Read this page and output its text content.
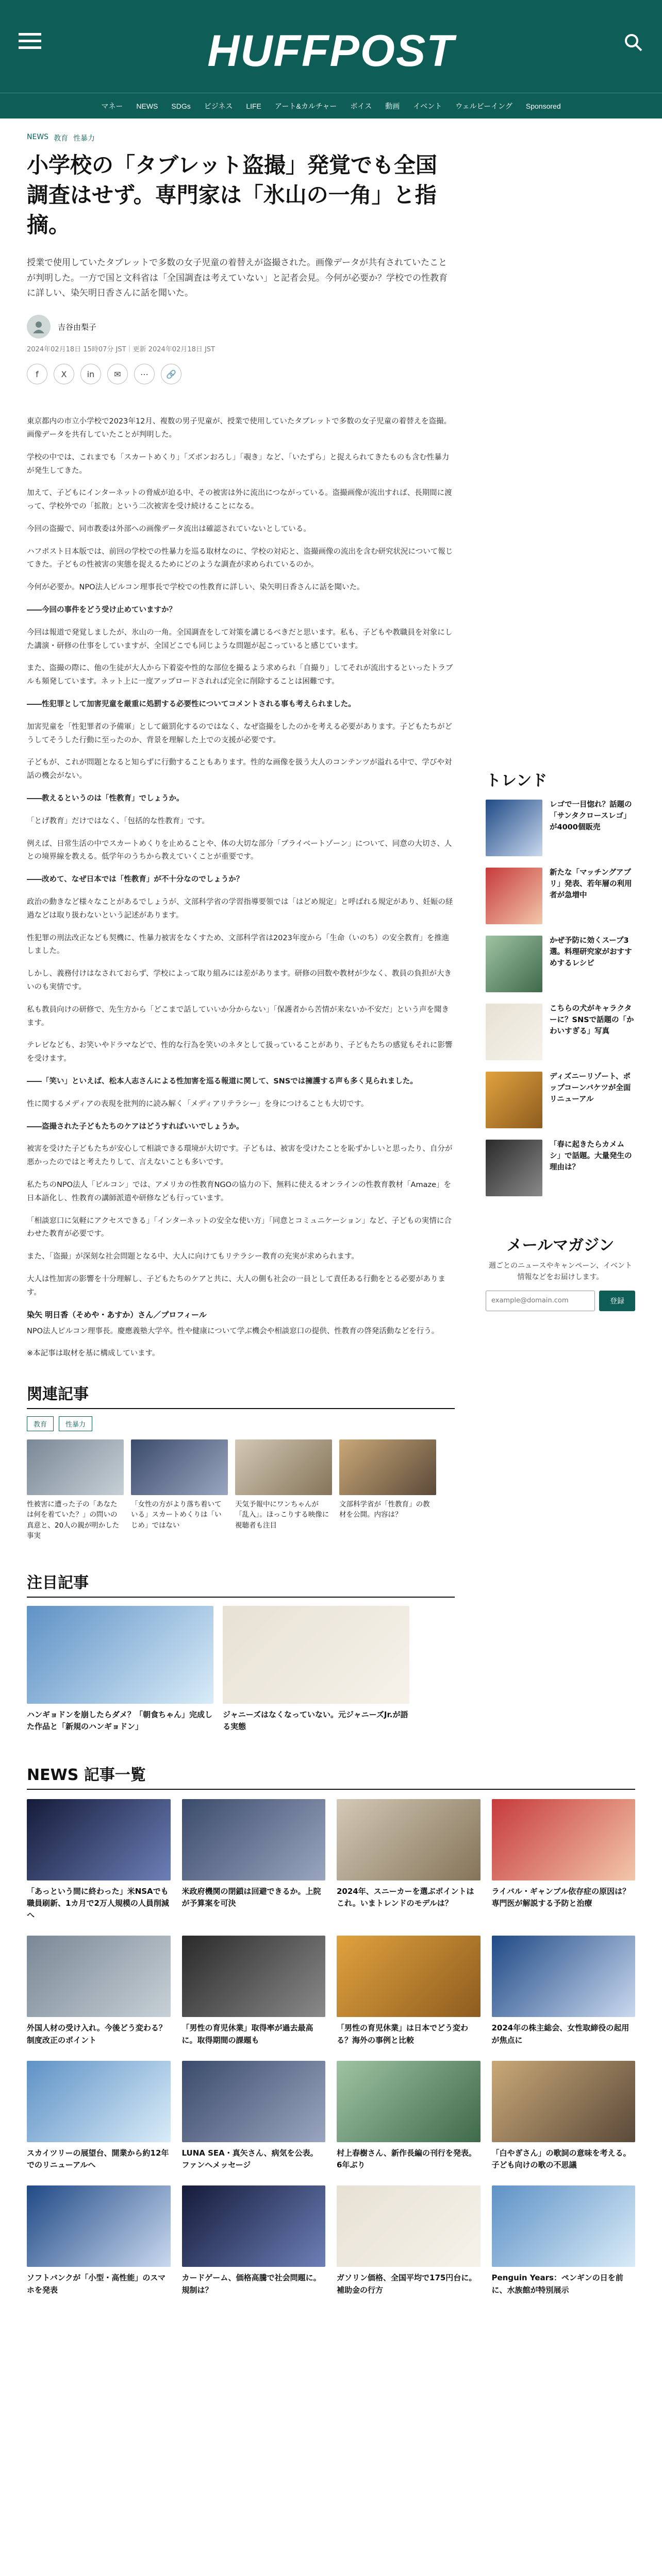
HUFFPOST
マネー NEWS SDGs ビジネス LIFE アート&カルチャー ボイス 動画 イベント ウェルビーイング Sponsored
NEWS 教育 性暴力
小学校の「タブレット盗撮」発覚でも全国調査はせず。専門家は「氷山の一角」と指摘。

授業で使用していたタブレットで多数の女子児童の着替えが盗撮された。画像データが共有されていたことが判明した。一方で国と文科省は「全国調査は考えていない」と記者会見。今何が必要か？学校での性教育に詳しい、染矢明日香さんに話を聞いた。

吉谷由梨子
2024年02月18日 15時07分 JST｜更新 2024年02月18日 JST
f	X	in	✉	⋯	🔗

東京都内の市立小学校で2023年12月、複数の男子児童が、授業で使用していたタブレットで多数の女子児童の着替えを盗撮。画像データを共有していたことが判明した。

学校の中では、これまでも「スカートめくり」「ズボンおろし」「覗き」など、「いたずら」と捉えられてきたものも含む性暴力が発生してきた。

加えて、子どもにインターネットの脅威が迫る中、その被害は外に流出につながっている。盗撮画像が流出すれば、長期間に渡って、学校外での「拡散」という二次被害を受け続けることになる。

今回の盗撮で、同市教委は外部への画像データ流出は確認されていないとしている。

ハフポスト日本版では、前回の学校での性暴力を巡る取材なのに、学校の対応と、盗撮画像の流出を含む研究状況について報じてきた。子どもの性被害の実態を捉えるためにどのような調査が求められているのか。

今何が必要か。NPO法人ピルコン理事長で学校での性教育に詳しい、染矢明日香さんに話を聞いた。

――今回の事件をどう受け止めていますか？

今回は報道で発覚しましたが、氷山の一角。全国調査をして対策を講じるべきだと思います。私も、子どもや教職員を対象にした講演・研修の仕事をしていますが、全国どこでも同じような問題が起こっていると感じています。

また、盗撮の際に、他の生徒が大人から下着姿や性的な部位を撮るよう求められ「自撮り」してそれが流出するといったトラブルも頻発しています。ネット上に一度アップロードされれば完全に削除することは困難です。

――性犯罪として加害児童を厳重に処罰する必要性についてコメントされる事も考えられました。

加害児童を「性犯罪者の予備軍」として厳罰化するのではなく、なぜ盗撮をしたのかを考える必要があります。子どもたちがどうしてそうした行動に至ったのか、背景を理解した上での支援が必要です。

子どもが、これが問題となると知らずに行動することもあります。性的な画像を扱う大人のコンテンツが溢れる中で、学びや対話の機会がない。

――教えるというのは「性教育」でしょうか。

「とげ教育」だけではなく、「包括的な性教育」です。

例えば、日常生活の中でスカートめくりを止めることや、体の大切な部分「プライベートゾーン」について、同意の大切さ、人との境界線を教える。低学年のうちから教えていくことが重要です。

――改めて、なぜ日本では「性教育」が不十分なのでしょうか？

政治の動きなど様々なことがあるでしょうが、文部科学省の学習指導要領では「はどめ規定」と呼ばれる規定があり、妊娠の経過などは取り扱わないという記述があります。

性犯罪の刑法改正なども契機に、性暴力被害をなくすため、文部科学省は2023年度から「生命（いのち）の安全教育」を推進しました。

しかし、義務付けはなされておらず、学校によって取り組みには差があります。研修の回数や教材が少なく、教員の負担が大きいのも実情です。

私も教員向けの研修で、先生方から「どこまで話していいか分からない」「保護者から苦情が来ないか不安だ」という声を聞きます。

テレビなども、お笑いやドラマなどで、性的な行為を笑いのネタとして扱っていることがあり、子どもたちの感覚もそれに影響を受けます。

――「笑い」といえば、松本人志さんによる性加害を巡る報道に関して、SNSでは擁護する声も多く見られました。

性に関するメディアの表現を批判的に読み解く「メディアリテラシー」を身につけることも大切です。

――盗撮された子どもたちのケアはどうすればいいでしょうか。

被害を受けた子どもたちが安心して相談できる環境が大切です。子どもは、被害を受けたことを恥ずかしいと思ったり、自分が悪かったのではと考えたりして、言えないことも多いです。

私たちのNPO法人「ピルコン」では、アメリカの性教育NGOの協力の下、無料に使えるオンラインの性教育教材「Amaze」を日本語化し、性教育の講師派遣や研修なども行っています。

「相談窓口に気軽にアクセスできる」「インターネットの安全な使い方」「同意とコミュニケーション」など、子どもの実情に合わせた教育が必要です。

また、「盗撮」が深刻な社会問題となる中、大人に向けてもリテラシー教育の充実が求められます。

大人は性加害の影響を十分理解し、子どもたちのケアと共に、大人の側も社会の一員として責任ある行動をとる必要があります。

染矢 明日香（そめや・あすか）さん／プロフィール

NPO法人ピルコン理事長。慶應義塾大学卒。性や健康について学ぶ機会や相談窓口の提供、性教育の啓発活動などを行う。

※本記事は取材を基に構成しています。

関連記事
教育	性暴力
性被害に遭った子の「あなたは何を着ていた？」の問いの真意と、20人の親が明かした事実
「女性の方がより落ち着いている」スカートめくりは「いじめ」ではない
天気予報中にワンちゃんが「乱入」。ほっこりする映像に視聴者も注目
文部科学省が「性教育」の教材を公開。内容は？
注目記事
ハンギョドンを崩したらダメ？「朝食ちゃん」完成した作品と「新規のハンギョドン」
ジャニーズはなくなっていない。元ジャニーズJr.が語る実態
トレンド
レゴで一目惚れ？話題の「サンタクロースレゴ」が4000個販売
新たな「マッチングアプリ」発表、若年層の利用者が急増中
かぜ予防に効くスープ3選。料理研究家がおすすめするレシピ
こちらの犬がキャラクターに？SNSで話題の「かわいすぎる」写真
ディズニーリゾート、ポップコーンバケツが全面リニューアル
「春に起きたらカメムシ」で話題。大量発生の理由は？
メールマガジン

週ごとのニュースやキャンペーン、イベント情報などをお届けします。

example@domain.com
登録
NEWS 記事一覧
「あっという間に終わった」米NSAでも職員刷新、1カ月で2万人規模の人員削減へ
米政府機関の閉鎖は回避できるか。上院が予算案を可決
2024年、スニーカーを選ぶポイントはこれ。いまトレンドのモデルは？
ライバル・ギャンブル依存症の原因は？専門医が解説する予防と治療
外国人材の受け入れ。今後どう変わる？制度改正のポイント
「男性の育児休業」取得率が過去最高に。取得期間の課題も
「男性の育児休業」は日本でどう変わる？海外の事例と比較
2024年の株主総会、女性取締役の起用が焦点に
スカイツリーの展望台、開業から約12年でのリニューアルへ
LUNA SEA・真矢さん、病気を公表。ファンへメッセージ
村上春樹さん、新作長編の刊行を発表。6年ぶり
「白やぎさん」の歌詞の意味を考える。子ども向けの歌の不思議
ソフトバンクが「小型・高性能」のスマホを発表
カードゲーム、価格高騰で社会問題に。規制は？
ガソリン価格、全国平均で175円台に。補助金の行方
Penguin Years：ペンギンの日を前に、水族館が特別展示
